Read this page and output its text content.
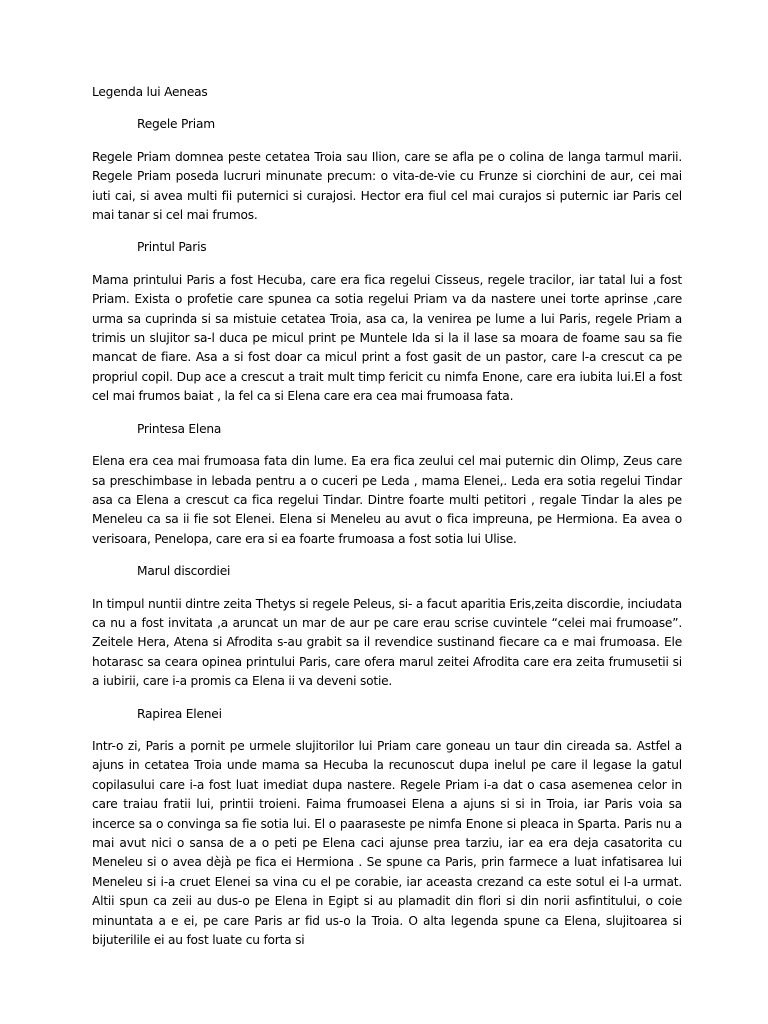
Legenda lui Aeneas

Regele Priam

Regele Priam domnea peste cetatea Troia sau Ilion, care se afla pe o colina de langa tarmul marii. Regele Priam poseda lucruri minunate precum: o vita-de-vie cu Frunze si ciorchini de aur, cei mai iuti cai, si avea multi fii puternici si curajosi. Hector era fiul cel mai curajos si puternic iar Paris cel mai tanar si cel mai frumos.

Printul Paris

Mama printului Paris a fost Hecuba, care era fica regelui Cisseus, regele tracilor, iar tatal lui a fost Priam. Exista o profetie care spunea ca sotia regelui Priam va da nastere unei torte aprinse ,care urma sa cuprinda si sa mistuie cetatea Troia, asa ca, la venirea pe lume a lui Paris, regele Priam a trimis un slujitor sa-l duca pe micul print pe Muntele Ida si la il lase sa moara de foame sau sa fie mancat de fiare. Asa a si fost doar ca micul print a fost gasit de un pastor, care l-a crescut ca pe propriul copil. Dup ace a crescut a trait mult timp fericit cu nimfa Enone, care era iubita lui.El a fost cel mai frumos baiat , la fel ca si Elena care era cea mai frumoasa fata.

Printesa Elena

Elena era cea mai frumoasa fata din lume. Ea era fica zeului cel mai puternic din Olimp, Zeus care sa preschimbase in lebada pentru a o cuceri pe Leda , mama Elenei,. Leda era sotia regelui Tindar asa ca Elena a crescut ca fica regelui Tindar. Dintre foarte multi petitori , regale Tindar la ales pe Meneleu ca sa ii fie sot Elenei. Elena si Meneleu au avut o fica impreuna, pe Hermiona. Ea avea o verisoara, Penelopa, care era si ea foarte frumoasa a fost sotia lui Ulise.

Marul discordiei

In timpul nuntii dintre zeita Thetys si regele Peleus, si- a facut aparitia Eris,zeita discordie, inciudata ca nu a fost invitata ,a aruncat un mar de aur pe care erau scrise cuvintele “celei mai frumoase”. Zeitele Hera, Atena si Afrodita s-au grabit sa il revendice sustinand fiecare ca e mai frumoasa. Ele hotarasc sa ceara opinea printului Paris, care ofera marul zeitei Afrodita care era zeita frumusetii si a iubirii, care i-a promis ca Elena ii va deveni sotie.

Rapirea Elenei

Intr-o zi, Paris a pornit pe urmele slujitorilor lui Priam care goneau un taur din cireada sa. Astfel a ajuns in cetatea Troia unde mama sa Hecuba la recunoscut dupa inelul pe care il legase la gatul copilasului care i-a fost luat imediat dupa nastere. Regele Priam i-a dat o casa asemenea celor in care traiau fratii lui, printii troieni. Faima frumoasei Elena a ajuns si si in Troia, iar Paris voia sa incerce sa o convinga sa fie sotia lui. El o paaraseste pe nimfa Enone si pleaca in Sparta. Paris nu a mai avut nici o sansa de a o peti pe Elena caci ajunse prea tarziu, iar ea era deja casatorita cu Meneleu si o avea dèjà pe fica ei Hermiona . Se spune ca Paris, prin farmece a luat infatisarea lui Meneleu si i-a cruet Elenei sa vina cu el pe corabie, iar aceasta crezand ca este sotul ei l-a urmat. Altii spun ca zeii au dus-o pe Elena in Egipt si au plamadit din flori si din norii asfintitului, o coie minuntata a e ei, pe care Paris ar fid us-o la Troia. O alta legenda spune ca Elena, slujitoarea si bijuterilile ei au fost luate cu forta si
